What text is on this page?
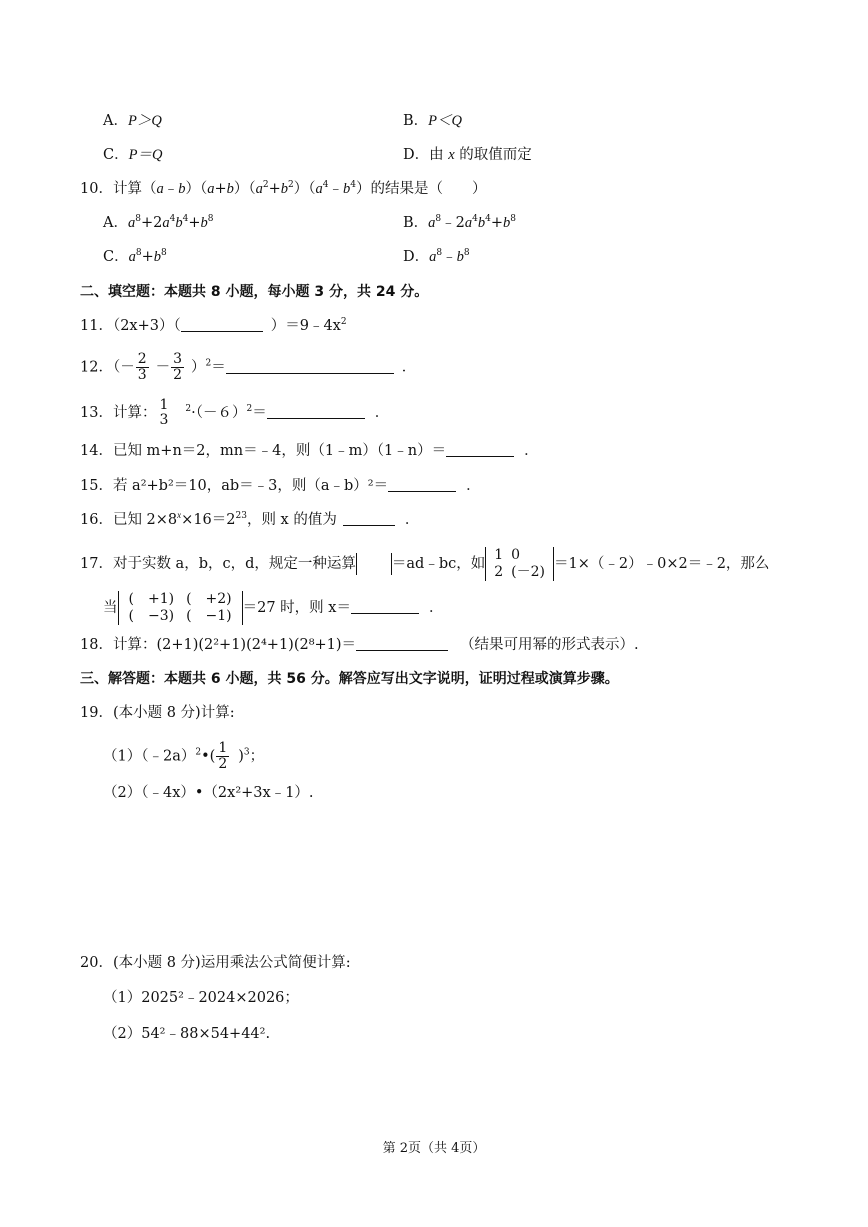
A．P＞Q	B．P＜Q
C．P＝Q	D．由 x 的取值而定
10．计算$(a﹣b)(a+b)(a^2+b^2)(a^4﹣b^4)$的结果是（　　）
A．$a^8+2a^4b^4+b^8$	B．$a^8﹣2a^4b^4+b^8$
C．$a^8+b^8$	D．$a^8﹣b^8$
二、填空题：本题共 8 小题，每小题 3 分，共 24 分。
11．（2x+3）（	）$=9﹣4x^2$
12．（－ $\frac{2}{3} - \frac{3}{2} )^2=$	．
13．计算： 1
3
$^2\cdot(-6)^2=$	．
14．已知 m+n＝2，mn＝﹣4，则（1﹣m）（1﹣n）＝	．
15．若 a²+b²＝10，ab＝﹣3，则（a﹣b）²＝	．
16．已知 $2\times 8^x\times 16=2^{23}$，则 x 的值为	．
17．对于实数 a，b，c，d，规定一种运算 ＝ad﹣bc，如
1
2
0
(－2) ＝1×（﹣2）﹣0×2＝﹣2，那么
当
(　+1)
(　−3)
(　+2)
(　−1) ＝27 时，则 x＝	．
18．计算：(2+1)(2²+1)(2⁴+1)(2⁸+1)＝	（结果可用幂的形式表示）.
三、解答题：本题共 6 小题，共 56 分。解答应写出文字说明，证明过程或演算步骤。
19．(本小题 8 分)计算:
（1）（﹣2a）$^2$•( $\frac{1}{2} )^3$；
（2）（﹣4x）•（2x²+3x﹣1）.
20．(本小题 8 分)运用乘法公式简便计算:
（1）2025²﹣2024×2026；
（2）54²﹣88×54+44².
第 2页（共 4页）
